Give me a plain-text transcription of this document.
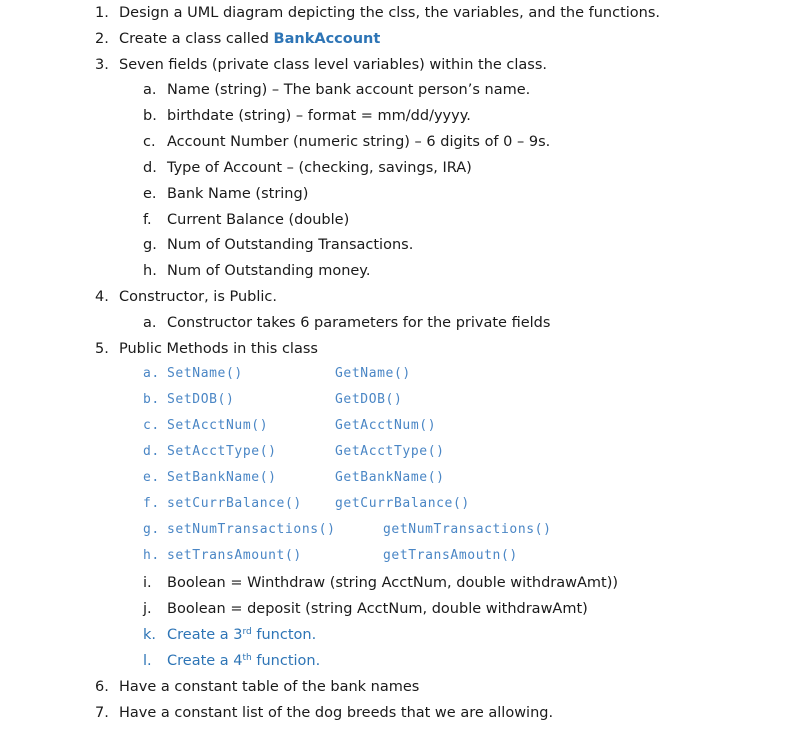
1. Design a UML diagram depicting the clss, the variables, and the functions.
2. Create a class called BankAccount
3. Seven fields (private class level variables) within the class.
a. Name (string) – The bank account person’s name.
b. birthdate (string) – format = mm/dd/yyyy.
c. Account Number (numeric string) – 6 digits of 0 – 9s.
d. Type of Account – (checking, savings, IRA)
e. Bank Name (string)
f. Current Balance (double)
g. Num of Outstanding Transactions.
h. Num of Outstanding money.
4. Constructor, is Public.
a. Constructor takes 6 parameters for the private fields
5. Public Methods in this class
a. SetName()	GetName()
b. SetDOB()	GetDOB()
c. SetAcctNum()	GetAcctNum()
d. SetAcctType()	GetAcctType()
e. SetBankName()	GetBankName()
f. setCurrBalance()	getCurrBalance()
g. setNumTransactions()	getNumTransactions()
h. setTransAmount()	getTransAmoutn()
i. Boolean = Winthdraw (string AcctNum, double withdrawAmt))
j. Boolean = deposit (string AcctNum, double withdrawAmt)
k. Create a 3rd functon.
l. Create a 4th function.
6. Have a constant table of the bank names
7. Have a constant list of the dog breeds that we are allowing.
